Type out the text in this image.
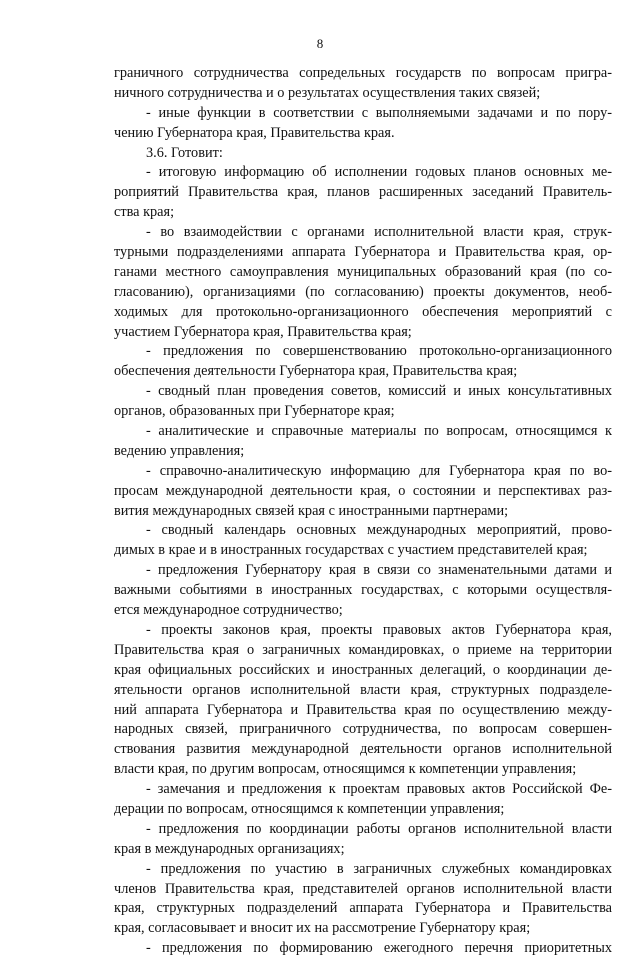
8
граничного сотрудничества сопредельных государств по вопросам пригра-
ничного сотрудничества и о результатах осуществления таких связей;
- иные функции в соответствии с выполняемыми задачами и по пору-
чению Губернатора края, Правительства края.
3.6. Готовит:
- итоговую информацию об исполнении годовых планов основных ме-
роприятий Правительства края, планов расширенных заседаний Правитель-
ства края;
- во взаимодействии с органами исполнительной власти края, струк-
турными подразделениями аппарата Губернатора и Правительства края, ор-
ганами местного самоуправления муниципальных образований края (по со-
гласованию), организациями (по согласованию) проекты документов, необ-
ходимых для протокольно-организационного обеспечения мероприятий с
участием Губернатора края, Правительства края;
- предложения по совершенствованию протокольно-организационного
обеспечения деятельности Губернатора края, Правительства края;
- сводный план проведения советов, комиссий и иных консультативных
органов, образованных при Губернаторе края;
- аналитические и справочные материалы по вопросам, относящимся к
ведению управления;
- справочно-аналитическую информацию для Губернатора края по во-
просам международной деятельности края, о состоянии и перспективах раз-
вития международных связей края с иностранными партнерами;
- сводный календарь основных международных мероприятий, прово-
димых в крае и в иностранных государствах с участием представителей края;
- предложения Губернатору края в связи со знаменательными датами и
важными событиями в иностранных государствах, с которыми осуществля-
ется международное сотрудничество;
- проекты законов края, проекты правовых актов Губернатора края,
Правительства края о заграничных командировках, о приеме на территории
края официальных российских и иностранных делегаций, о координации де-
ятельности органов исполнительной власти края, структурных подразделе-
ний аппарата Губернатора и Правительства края по осуществлению между-
народных связей, приграничного сотрудничества, по вопросам совершен-
ствования развития международной деятельности органов исполнительной
власти края, по другим вопросам, относящимся к компетенции управления;
- замечания и предложения к проектам правовых актов Российской Фе-
дерации по вопросам, относящимся к компетенции управления;
- предложения по координации работы органов исполнительной власти
края в международных организациях;
- предложения по участию в заграничных служебных командировках
членов Правительства края, представителей органов исполнительной власти
края, структурных подразделений аппарата Губернатора и Правительства
края, согласовывает и вносит их на рассмотрение Губернатору края;
- предложения по формированию ежегодного перечня приоритетных
